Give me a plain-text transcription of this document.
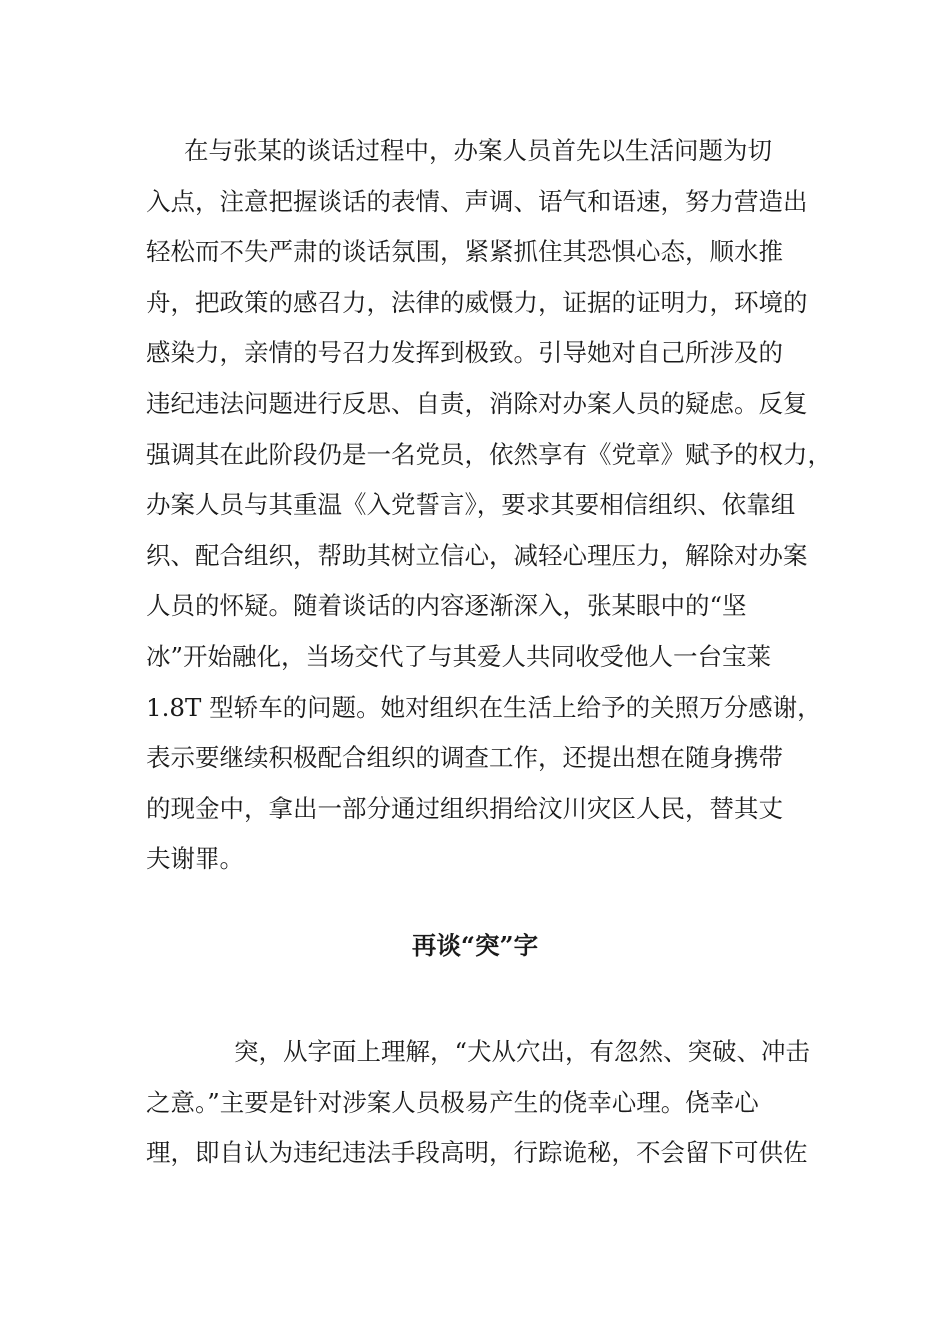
在与张某的谈话过程中，办案人员首先以生活问题为切
入点，注意把握谈话的表情、声调、语气和语速，努力营造出
轻松而不失严肃的谈话氛围，紧紧抓住其恐惧心态，顺水推
舟，把政策的感召力，法律的威慑力，证据的证明力，环境的
感染力，亲情的号召力发挥到极致。引导她对自己所涉及的
违纪违法问题进行反思、自责，消除对办案人员的疑虑。反复
强调其在此阶段仍是一名党员，依然享有《党章》赋予的权力，
办案人员与其重温《入党誓言》，要求其要相信组织、依靠组
织、配合组织，帮助其树立信心，减轻心理压力，解除对办案
人员的怀疑。随着谈话的内容逐渐深入，张某眼中的“坚
冰”开始融化，当场交代了与其爱人共同收受他人一台宝莱
1.8T 型轿车的问题。她对组织在生活上给予的关照万分感谢，
表示要继续积极配合组织的调查工作，还提出想在随身携带
的现金中，拿出一部分通过组织捐给汶川灾区人民，替其丈
夫谢罪。
再谈“突”字
突，从字面上理解，“犬从穴出，有忽然、突破、冲击
之意。”主要是针对涉案人员极易产生的侥幸心理。侥幸心
理，即自认为违纪违法手段高明，行踪诡秘，不会留下可供佐
